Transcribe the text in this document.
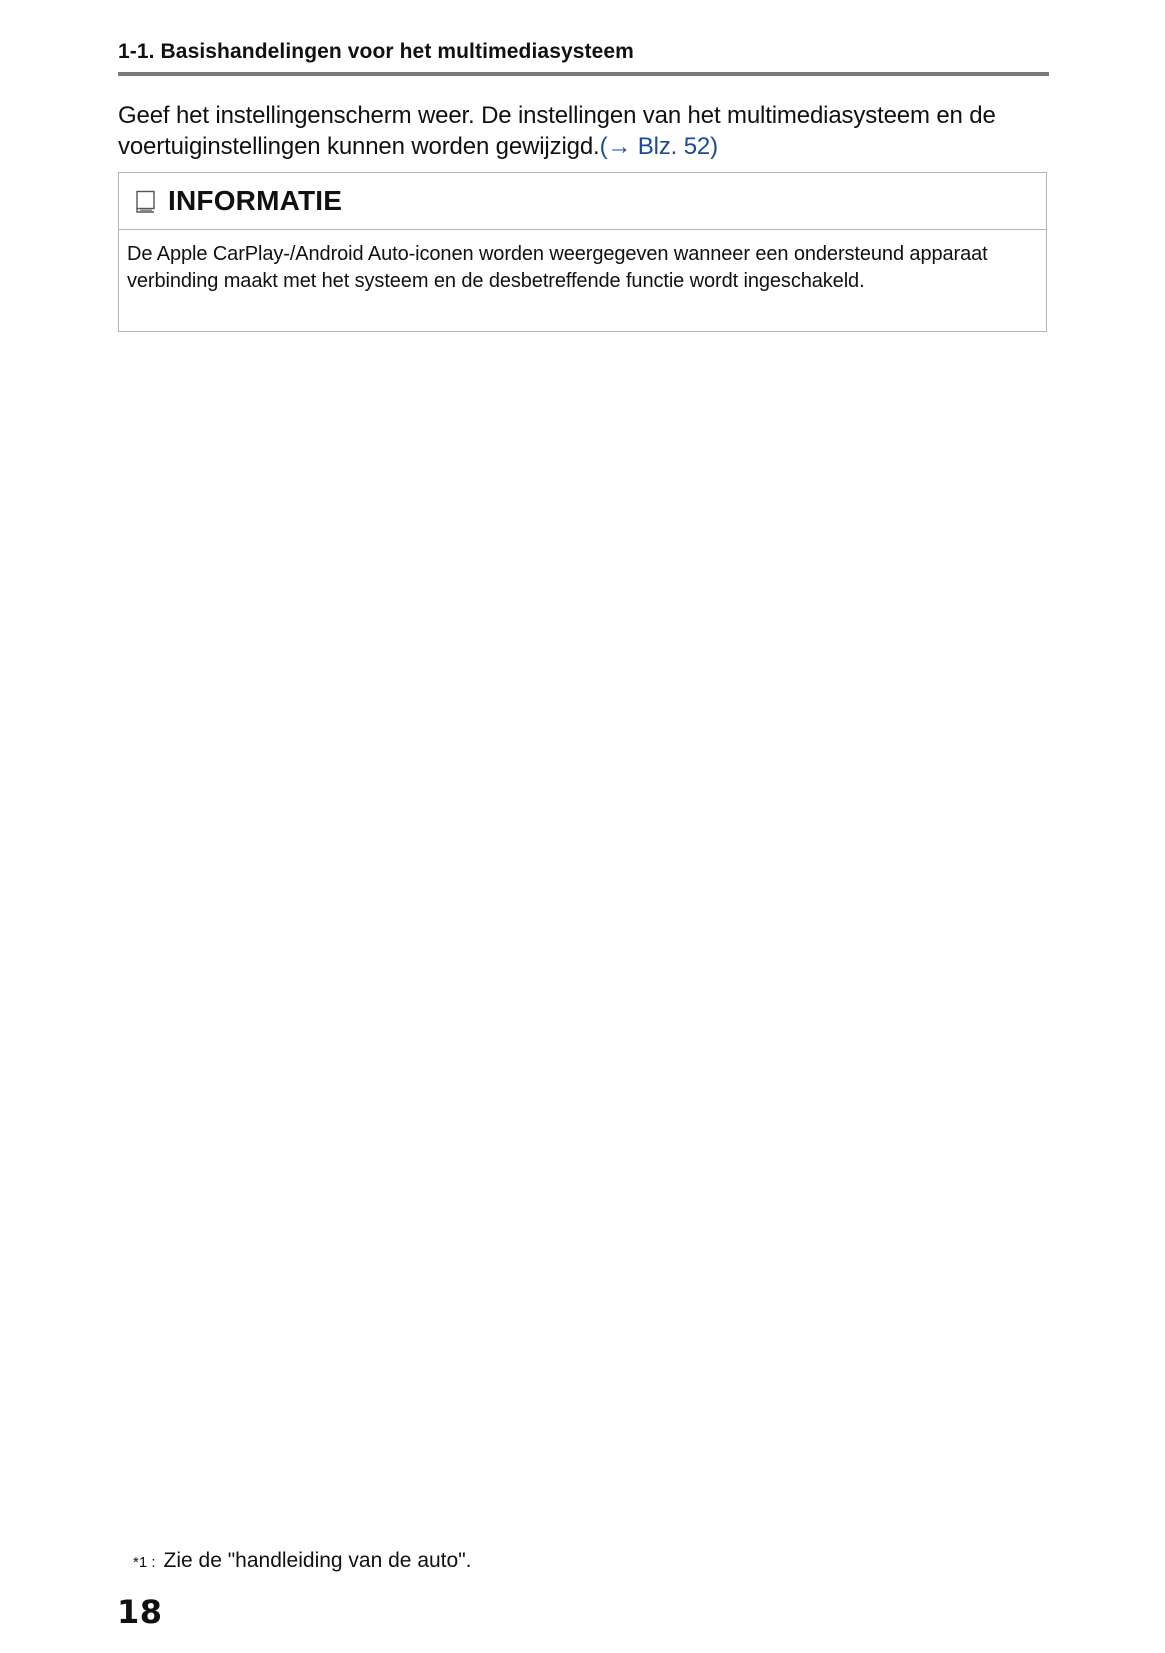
1-1. Basishandelingen voor het multimediasysteem
Geef het instellingenscherm weer. De instellingen van het multimediasysteem en de voertuiginstellingen kunnen worden gewijzigd.(→ Blz. 52)
INFORMATIE
De Apple CarPlay-/Android Auto-iconen worden weergegeven wanneer een ondersteund apparaat verbinding maakt met het systeem en de desbetreffende functie wordt ingeschakeld.
*1 : Zie de "handleiding van de auto".
18
